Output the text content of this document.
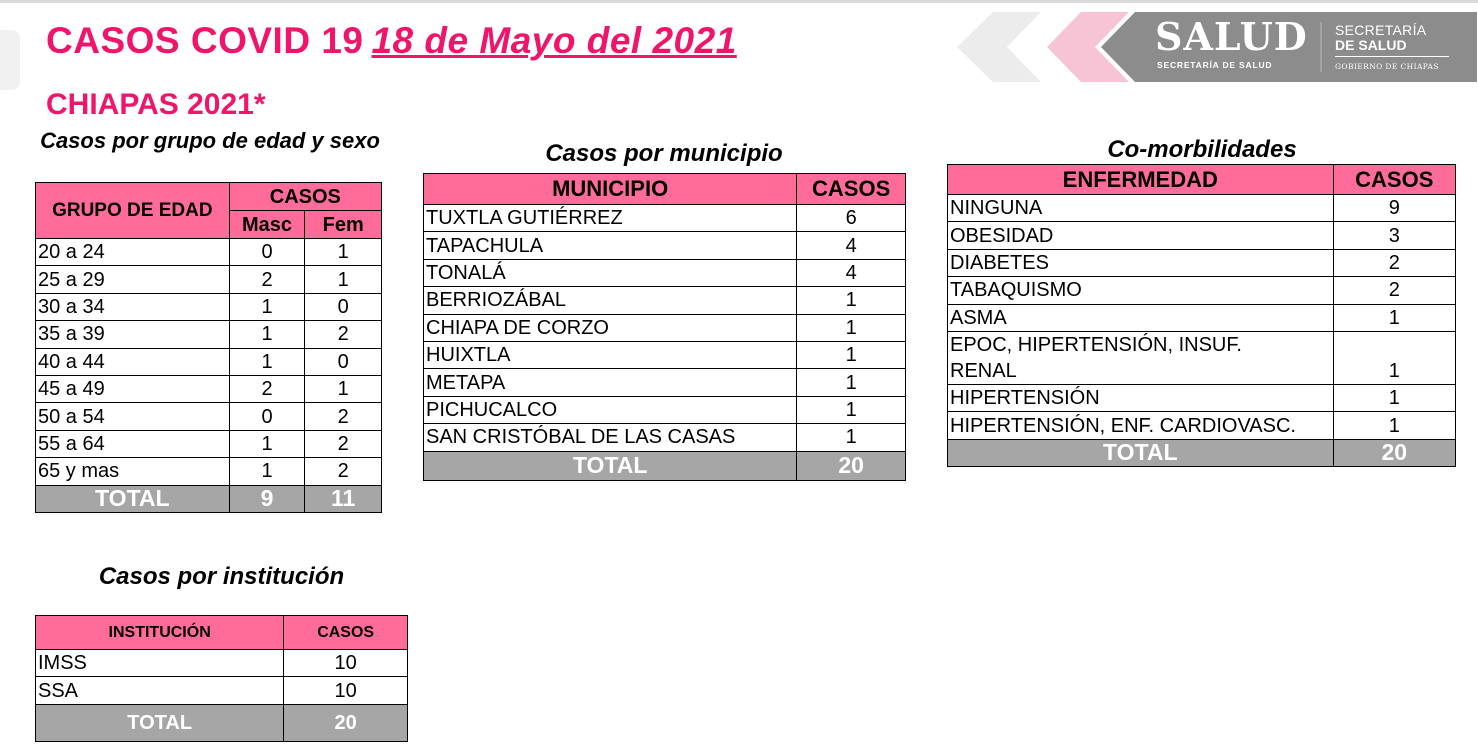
CASOS COVID 19 18 de Mayo del 2021
CHIAPAS 2021*
SALUD
SECRETARÍA DE SALUD
SECRETARÍA
DE SALUD
GOBIERNO DE CHIAPAS
Casos por grupo de edad y sexo
GRUPO DE EDAD	CASOS	
	Masc	Fem
20 a 24	0	1
25 a 29	2	1
30 a 34	1	0
35 a 39	1	2
40 a 44	1	0
45 a 49	2	1
50 a 54	0	2
55 a 64	1	2
65 y mas	1	2
TOTAL	9	11
Casos por municipio
MUNICIPIO	CASOS
TUXTLA GUTIÉRREZ	6
TAPACHULA	4
TONALÁ	4
BERRIOZÁBAL	1
CHIAPA DE CORZO	1
HUIXTLA	1
METAPA	1
PICHUCALCO	1
SAN CRISTÓBAL DE LAS CASAS	1
TOTAL	20
Co-morbilidades
ENFERMEDAD	CASOS
NINGUNA	9
OBESIDAD	3
DIABETES	2
TABAQUISMO	2
ASMA	1

EPOC, HIPERTENSIÓN, INSUF.
RENAL	1
HIPERTENSIÓN	1
HIPERTENSIÓN, ENF. CARDIOVASC.	1
TOTAL	20
Casos por institución
INSTITUCIÓN	CASOS
IMSS	10
SSA	10
TOTAL	20
